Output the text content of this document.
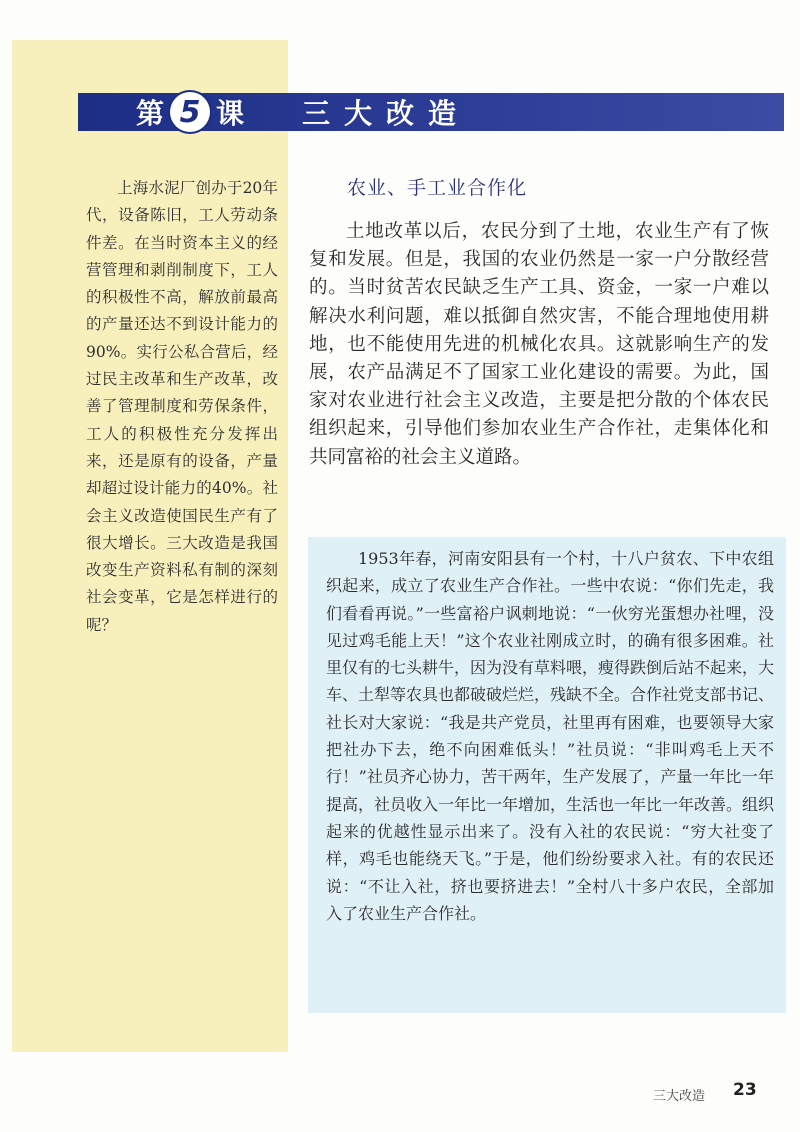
第 5 课 三大改造
上海水泥厂创办于20年代，设备陈旧，工人劳动条件差。在当时资本主义的经营管理和剥削制度下，工人的积极性不高，解放前最高的产量还达不到设计能力的90%。实行公私合营后，经过民主改革和生产改革，改善了管理制度和劳保条件，工人的积极性充分发挥出来，还是原有的设备，产量却超过设计能力的40%。社会主义改造使国民生产有了很大增长。三大改造是我国改变生产资料私有制的深刻社会变革，它是怎样进行的呢？
农业、手工业合作化
土地改革以后，农民分到了土地，农业生产有了恢复和发展。但是，我国的农业仍然是一家一户分散经营的。当时贫苦农民缺乏生产工具、资金，一家一户难以解决水利问题，难以抵御自然灾害，不能合理地使用耕地，也不能使用先进的机械化农具。这就影响生产的发展，农产品满足不了国家工业化建设的需要。为此，国家对农业进行社会主义改造，主要是把分散的个体农民组织起来，引导他们参加农业生产合作社，走集体化和共同富裕的社会主义道路。
1953年春，河南安阳县有一个村，十八户贫农、下中农组织起来，成立了农业生产合作社。一些中农说：“你们先走，我们看看再说。”一些富裕户讽刺地说：“一伙穷光蛋想办社哩，没见过鸡毛能上天！”这个农业社刚成立时，的确有很多困难。社里仅有的七头耕牛，因为没有草料喂，瘦得跌倒后站不起来，大车、土犁等农具也都破破烂烂，残缺不全。合作社党支部书记、社长对大家说：“我是共产党员，社里再有困难，也要领导大家把社办下去，绝不向困难低头！”社员说：“非叫鸡毛上天不行！”社员齐心协力，苦干两年，生产发展了，产量一年比一年提高，社员收入一年比一年增加，生活也一年比一年改善。组织起来的优越性显示出来了。没有入社的农民说：“穷大社变了样，鸡毛也能绕天飞。”于是，他们纷纷要求入社。有的农民还说：“不让入社，挤也要挤进去！”全村八十多户农民，全部加入了农业生产合作社。
三大改造 23
